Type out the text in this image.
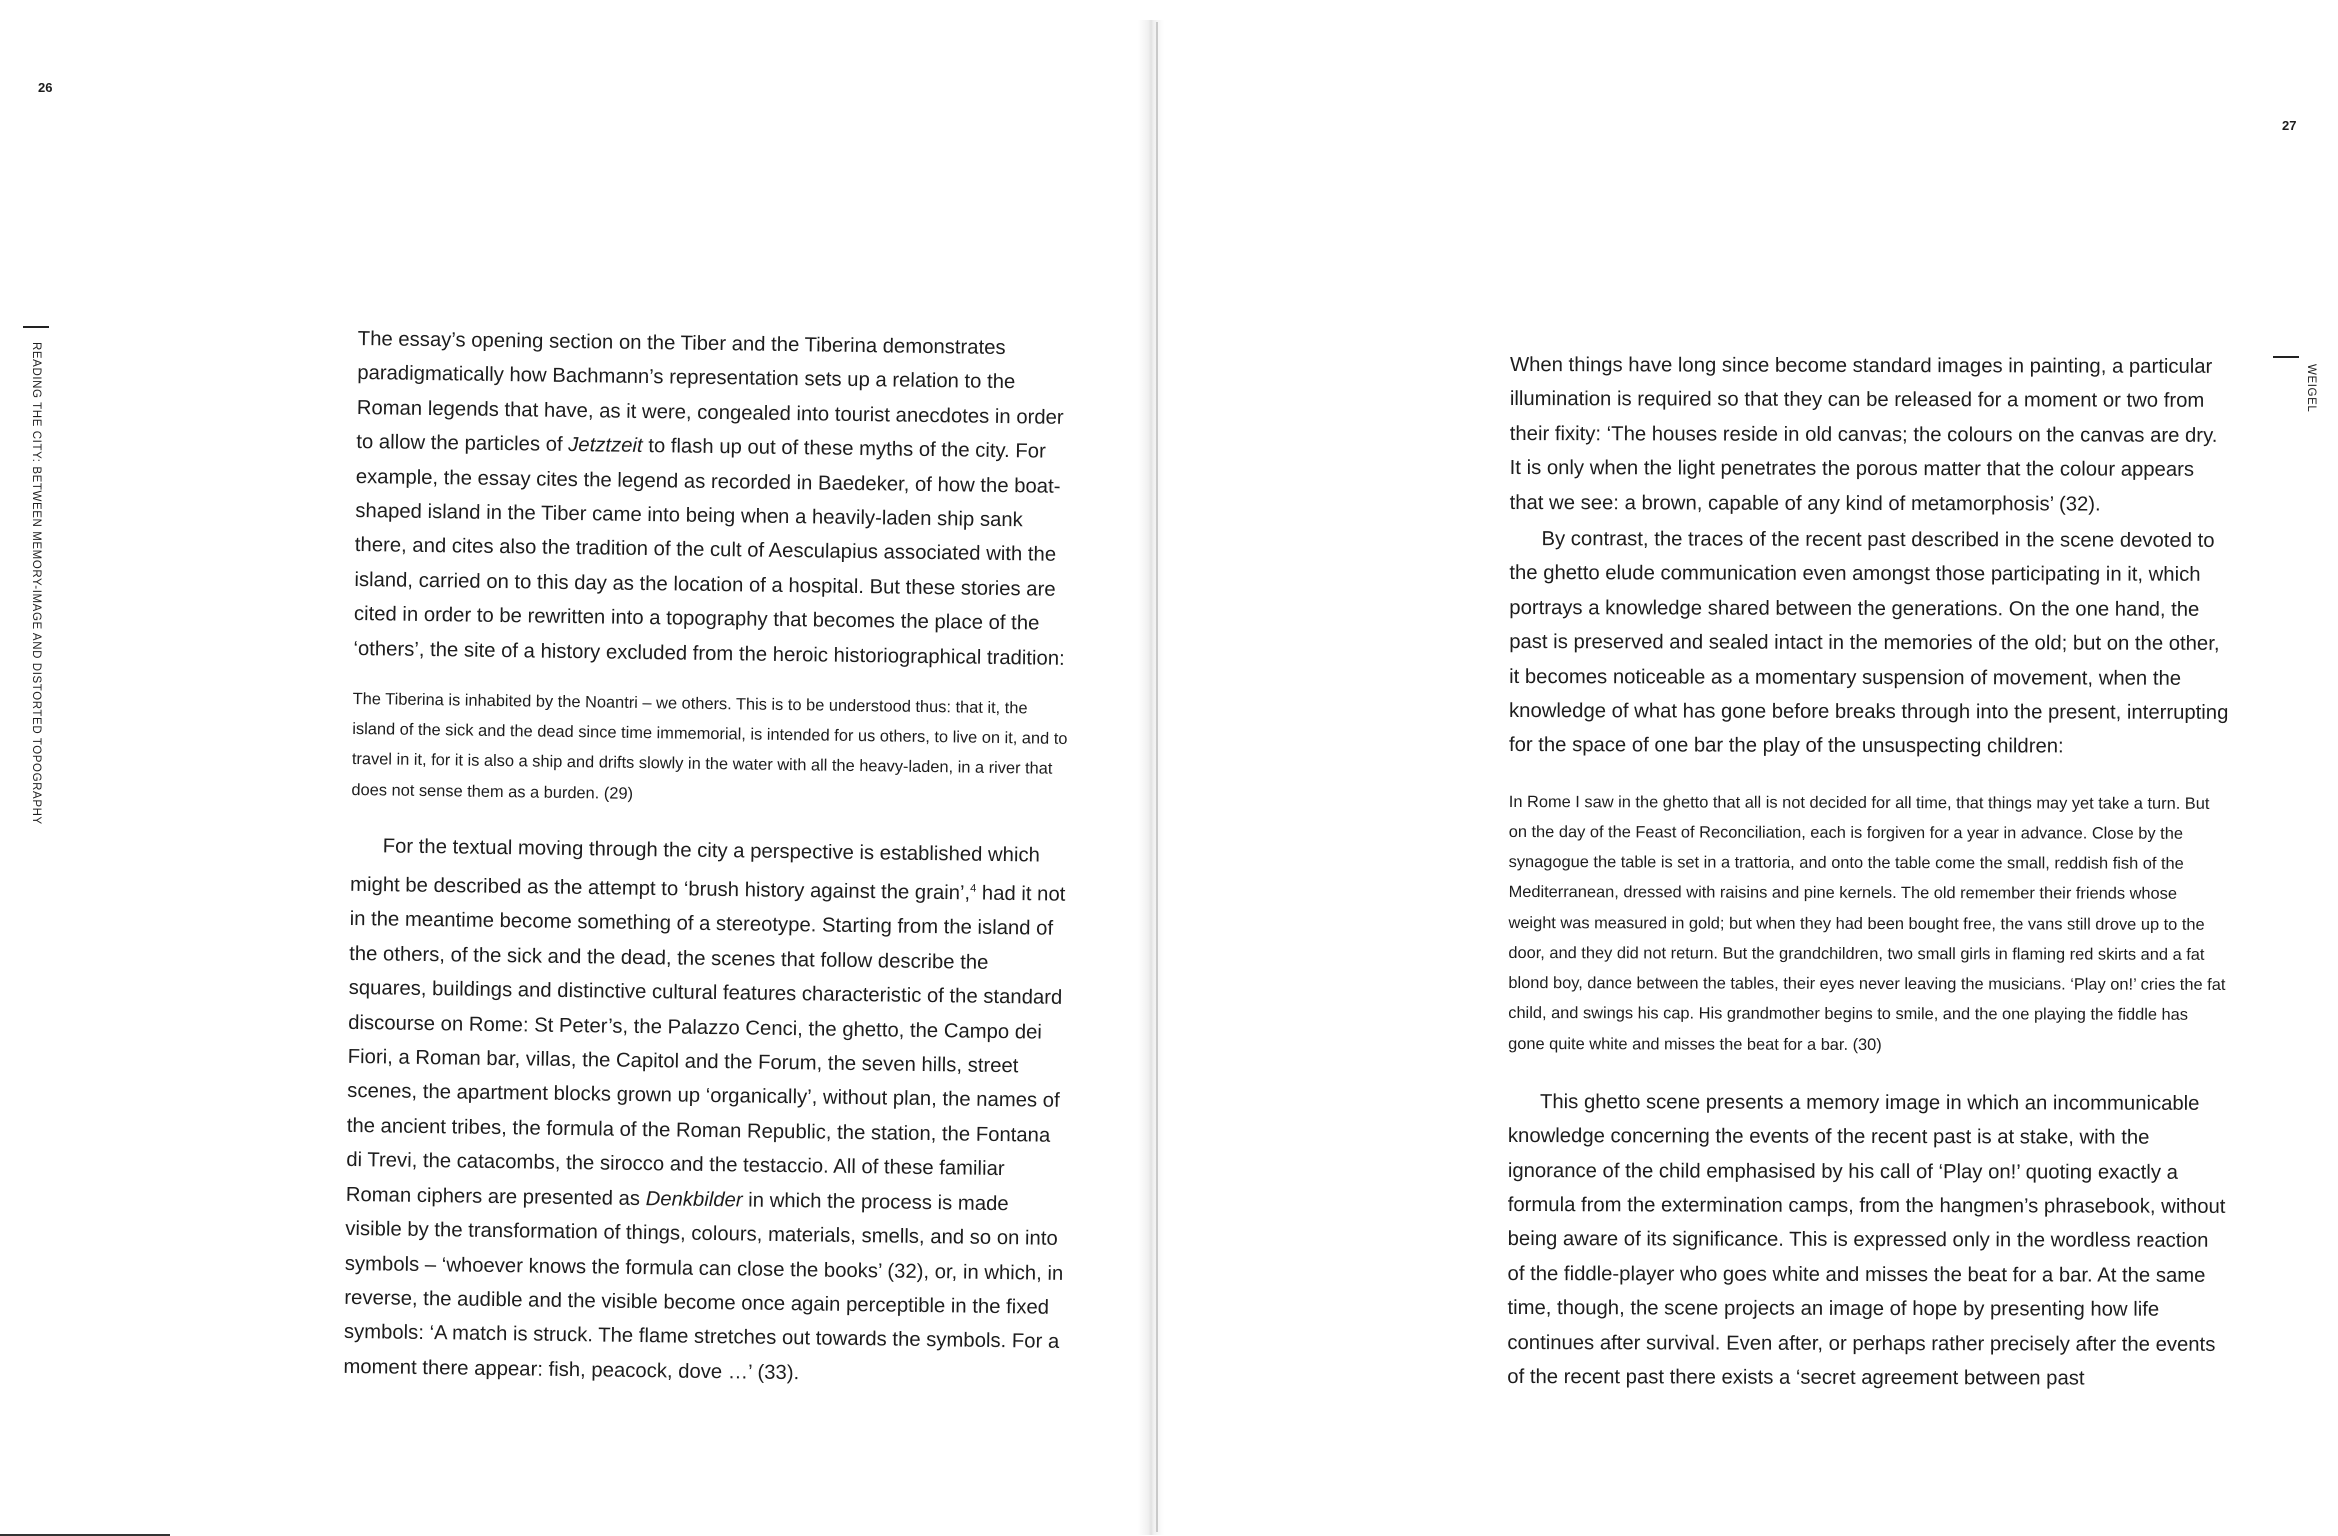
26
READING THE CITY: BETWEEN MEMORY-IMAGE AND DISTORTED TOPOGRAPHY	The essay’s opening section on the Tiber and the Tiberina demonstrates paradigmatically how Bachmann’s representation sets up a relation to the Roman legends that have, as it were, congealed into tourist anecdotes in order to allow the particles of Jetztzeit to flash up out of these myths of the city. For example, the essay cites the legend as recorded in Baedeker, of how the boat-shaped island in the Tiber came into being when a heavily-laden ship sank there, and cites also the tradition of the cult of Aesculapius associated with the island, carried on to this day as the location of a hospital. But these stories are cited in order to be rewritten into a topography that becomes the place of the ‘others’, the site of a history excluded from the heroic historiographical tradition:

The Tiberina is inhabited by the Noantri – we others. This is to be understood thus: that it, the island of the sick and the dead since time immemorial, is intended for us others, to live on it, and to travel in it, for it is also a ship and drifts slowly in the water with all the heavy-laden, in a river that does not sense them as a burden. (29)

For the textual moving through the city a perspective is established which might be described as the attempt to ‘brush history against the grain’,$^4$ had it not in the meantime become something of a stereotype. Starting from the island of the others, of the sick and the dead, the scenes that follow describe the squares, buildings and distinctive cultural features characteristic of the standard discourse on Rome: St Peter’s, the Palazzo Cenci, the ghetto, the Campo dei Fiori, a Roman bar, villas, the Capitol and the Forum, the seven hills, street scenes, the apartment blocks grown up ‘organically’, without plan, the names of the ancient tribes, the formula of the Roman Republic, the station, the Fontana di Trevi, the catacombs, the sirocco and the testaccio. All of these familiar Roman ciphers are presented as Denkbilder in which the process is made visible by the transformation of things, colours, materials, smells, and so on into symbols – ‘whoever knows the formula can close the books’ (32), or, in which, in reverse, the audible and the visible become once again perceptible in the fixed symbols: ‘A match is struck. The flame stretches out towards the symbols. For a moment there appear: fish, peacock, dove …’ (33).

27
WEIGEL

When things have long since become standard images in painting, a particular illumination is required so that they can be released for a moment or two from their fixity: ‘The houses reside in old canvas; the colours on the canvas are dry. It is only when the light penetrates the porous matter that the colour appears that we see: a brown, capable of any kind of metamorphosis’ (32).

By contrast, the traces of the recent past described in the scene devoted to the ghetto elude communication even amongst those participating in it, which portrays a knowledge shared between the generations. On the one hand, the past is preserved and sealed intact in the memories of the old; but on the other, it becomes noticeable as a momentary suspension of movement, when the knowledge of what has gone before breaks through into the present, interrupting for the space of one bar the play of the unsuspecting children:

In Rome I saw in the ghetto that all is not decided for all time, that things may yet take a turn. But on the day of the Feast of Reconciliation, each is forgiven for a year in advance. Close by the synagogue the table is set in a trattoria, and onto the table come the small, reddish fish of the Mediterranean, dressed with raisins and pine kernels. The old remember their friends whose weight was measured in gold; but when they had been bought free, the vans still drove up to the door, and they did not return. But the grandchildren, two small girls in flaming red skirts and a fat blond boy, dance between the tables, their eyes never leaving the musicians. ‘Play on!’ cries the fat child, and swings his cap. His grandmother begins to smile, and the one playing the fiddle has gone quite white and misses the beat for a bar. (30)

This ghetto scene presents a memory image in which an incommunicable knowledge concerning the events of the recent past is at stake, with the ignorance of the child emphasised by his call of ‘Play on!’ quoting exactly a formula from the extermination camps, from the hangmen’s phrasebook, without being aware of its significance. This is expressed only in the wordless reaction of the fiddle-player who goes white and misses the beat for a bar. At the same time, though, the scene projects an image of hope by presenting how life continues after survival. Even after, or perhaps rather precisely after the events of the recent past there exists a ‘secret agreement between past
